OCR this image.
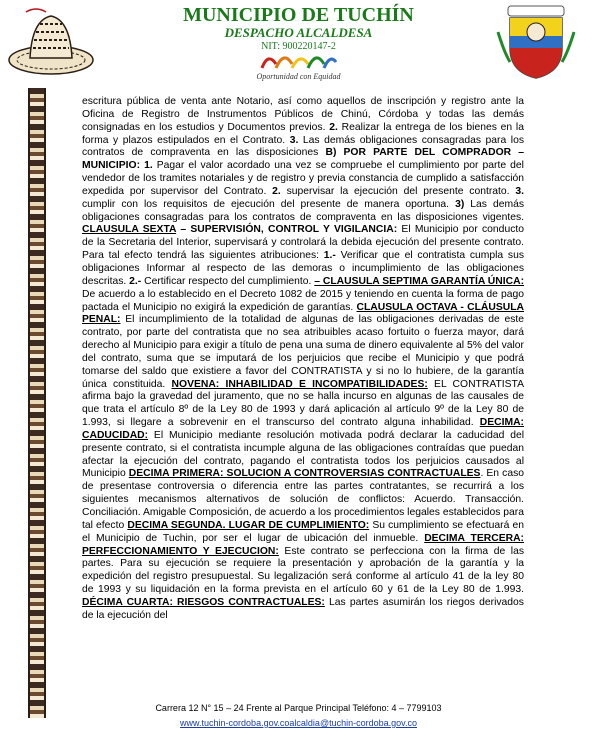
MUNICIPIO DE TUCHÍN
DESPACHO ALCALDESA
NIT: 900220147-2
Oportunidad con Equidad

escritura pública de venta ante Notario, así como aquellos de inscripción y registro ante la Oficina de Registro de Instrumentos Públicos de Chinú, Córdoba y todas las demás consignadas en los estudios y Documentos previos. 2. Realizar la entrega de los bienes en la forma y plazos estipulados en el Contrato. 3. Las demás obligaciones consagradas para los contratos de compraventa en las disposiciones B) POR PARTE DEL COMPRADOR – MUNICIPIO: 1. Pagar el valor acordado una vez se compruebe el cumplimiento por parte del vendedor de los tramites notariales y de registro y previa constancia de cumplido a satisfacción expedida por supervisor del Contrato. 2. supervisar la ejecución del presente contrato. 3. cumplir con los requisitos de ejecución del presente de manera oportuna. 3) Las demás obligaciones consagradas para los contratos de compraventa en las disposiciones vigentes. CLAUSULA SEXTA – SUPERVISIÓN, CONTROL Y VIGILANCIA: El Municipio por conducto de la Secretaria del Interior, supervisará y controlará la debida ejecución del presente contrato. Para tal efecto tendrá las siguientes atribuciones: 1.- Verificar que el contratista cumpla sus obligaciones Informar al respecto de las demoras o incumplimiento de las obligaciones descritas. 2.- Certificar respecto del cumplimiento. – CLAUSULA SEPTIMA GARANTÍA ÚNICA: De acuerdo a lo establecido en el Decreto 1082 de 2015 y teniendo en cuenta la forma de pago pactada el Municipio no exigirá la expedición de garantías. CLAUSULA OCTAVA - CLÁUSULA PENAL: El incumplimiento de la totalidad de algunas de las obligaciones derivadas de este contrato, por parte del contratista que no sea atribuibles acaso fortuito o fuerza mayor, dará derecho al Municipio para exigir a título de pena una suma de dinero equivalente al 5% del valor del contrato, suma que se imputará de los perjuicios que recibe el Municipio y que podrá tomarse del saldo que existiere a favor del CONTRATISTA y si no lo hubiere, de la garantía única constituida. NOVENA: INHABILIDAD E INCOMPATIBILIDADES: EL CONTRATISTA afirma bajo la gravedad del juramento, que no se halla incurso en algunas de las causales de que trata el artículo 8º de la Ley 80 de 1993 y dará aplicación al artículo 9º de la Ley 80 de 1.993, si llegare a sobrevenir en el transcurso del contrato alguna inhabilidad. DECIMA: CADUCIDAD: El Municipio mediante resolución motivada podrá declarar la caducidad del presente contrato, si el contratista incumple alguna de las obligaciones contraídas que puedan afectar la ejecución del contrato, pagando el contratista todos los perjuicios causados al Municipio DECIMA PRIMERA: SOLUCION A CONTROVERSIAS CONTRACTUALES. En caso de presentase controversia o diferencia entre las partes contratantes, se recurrirá a los siguientes mecanismos alternativos de solución de conflictos: Acuerdo. Transacción. Conciliación. Amigable Composición, de acuerdo a los procedimientos legales establecidos para tal efecto DECIMA SEGUNDA. LUGAR DE CUMPLIMIENTO: Su cumplimiento se efectuará en el Municipio de Tuchin, por ser el lugar de ubicación del inmueble. DECIMA TERCERA: PERFECCIONAMIENTO Y EJECUCION: Este contrato se perfecciona con la firma de las partes. Para su ejecución se requiere la presentación y aprobación de la garantía y la expedición del registro presupuestal. Su legalización será conforme al artículo 41 de la ley 80 de 1993 y su liquidación en la forma prevista en el artículo 60 y 61 de la Ley 80 de 1.993. DÉCIMA CUARTA: RIESGOS CONTRACTUALES: Las partes asumirán los riegos derivados de la ejecución del

Carrera 12 N° 15 – 24 Frente al Parque Principal Teléfono: 4 – 7799103
www.tuchin-cordoba.gov.coalcaldia@tuchin-cordoba.gov.co
